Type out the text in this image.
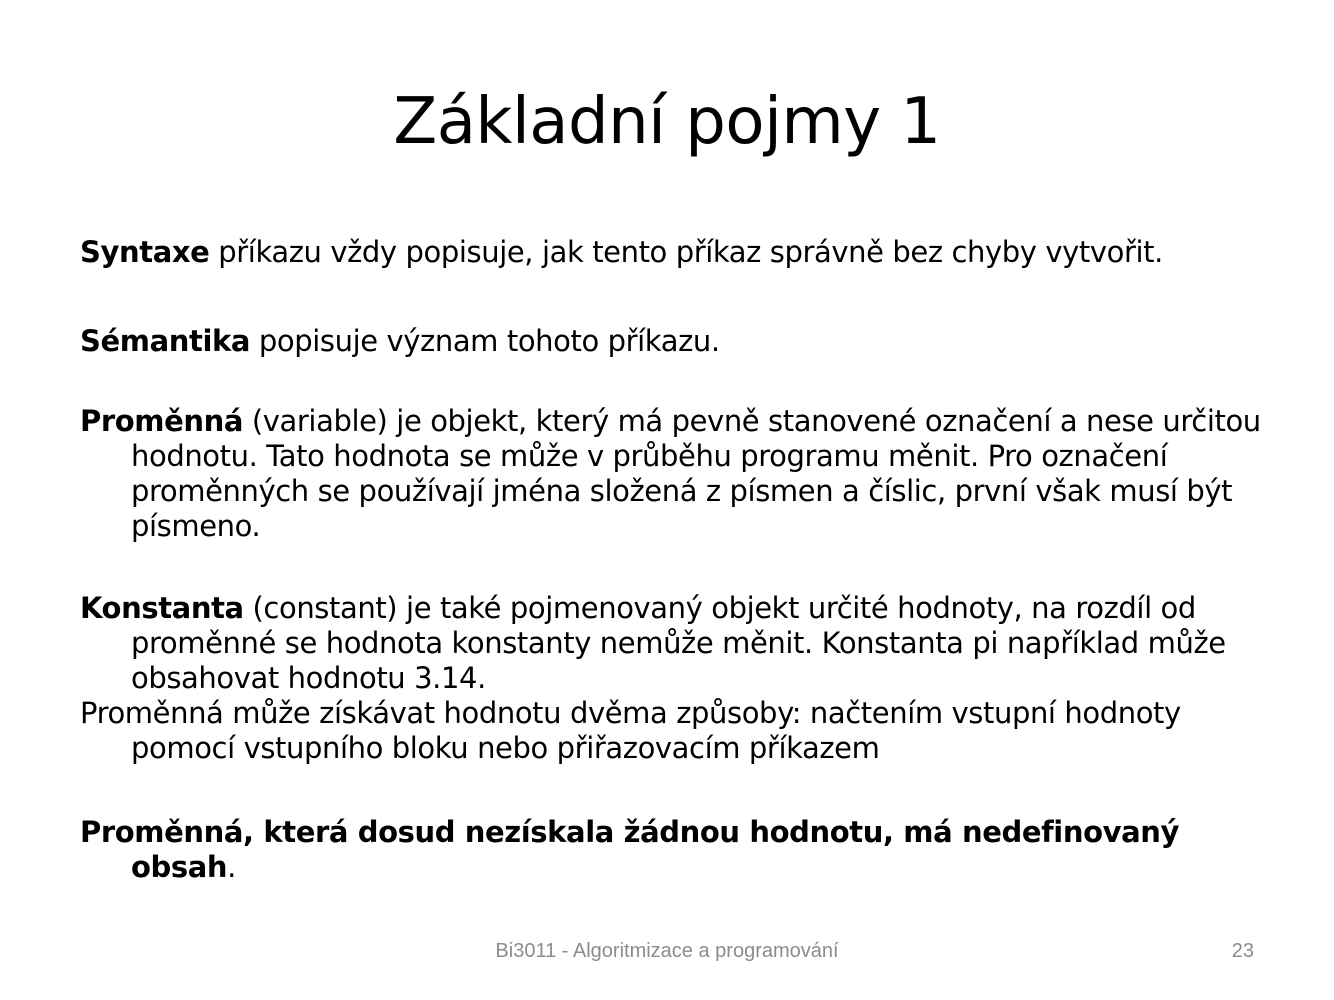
Základní pojmy 1
Syntaxe příkazu vždy popisuje, jak tento příkaz správně bez chyby vytvořit.
Sémantika popisuje význam tohoto příkazu.
Proměnná (variable) je objekt, který má pevně stanovené označení a nese určitou hodnotu. Tato hodnota se může v průběhu programu měnit. Pro označení proměnných se používají jména složená z písmen a číslic, první však musí být písmeno.
Konstanta (constant) je také pojmenovaný objekt určité hodnoty, na rozdíl od proměnné se hodnota konstanty nemůže měnit. Konstanta pi například může obsahovat hodnotu 3.14.
Proměnná může získávat hodnotu dvěma způsoby: načtením vstupní hodnoty pomocí vstupního bloku nebo přiřazovacím příkazem
Proměnná, která dosud nezískala žádnou hodnotu, má nedefinovaný obsah.
Bi3011 - Algoritmizace a programování	23
